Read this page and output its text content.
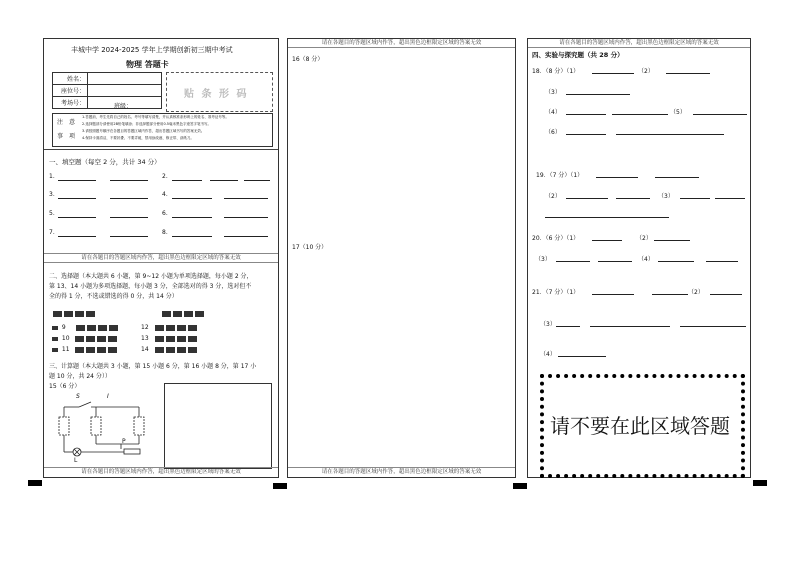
丰城中学 2024-2025 学年上学期创新初三期中考试
物理 答题卡
姓名：	
座位号：	
考场号：		班级：
贴 条 形 码
注 意
事 项
1.答题前，考生先将自己的姓名、考号等填写清楚，并认真核准条形码上的姓名、准考证号等。
2.选择题部分请使用2B铅笔填涂；非选择题部分使用0.5毫米黑色字迹签字笔书写。
3.请按照题号顺序在各题目的答题区域内作答，超出答题区域书写的答案无效。
4.保持卡面清洁，不要折叠、不要弄破，禁用涂改液、修正带、刮纸刀。
一、填空题（每空 2 分，共计 34 分）
1.	2.
3.	4.
5.	6.
7.	8.
请在各题目的答题区域内作答，超出黑色边框限定区域的答案无效
二、选择题（本大题共 6 小题，第 9~12 小题为单项选择题，每小题 2 分，
第 13、14 小题为多项选择题，每小题 3 分，全部选对的得 3 分，选对但不
全的得 1 分，不选或错选的得 0 分，共 14 分）
9
10
11
12
13
14
三、计算题（本大题共 3 小题，第 15 小题 6 分，第 16 小题 8 分，第 17 小
题 10 分，共 24 分））
15（6 分）
S	I
P
L
请在各题目的答题区域内作答，超出黑色边框限定区域的答案无效
请在各题目的答题区域内作答，超出黑色边框限定区域的答案无效
16（8 分）
17（10 分）
请在各题目的答题区域内作答，超出黑色边框限定区域的答案无效
请在各题目的答题区域内作答，超出黑色边框限定区域的答案无效
四、实验与探究题（共 28 分）
18．（8 分）（1）	（2）
（3）
（4）	（5）
（6）
19．（7 分）（1）
（2）	（3）
20．（6 分）（1）	（2）
（3）	（4）
21．（7 分）（1）	（2）
（3）
（4）
请不要在此区域答题
